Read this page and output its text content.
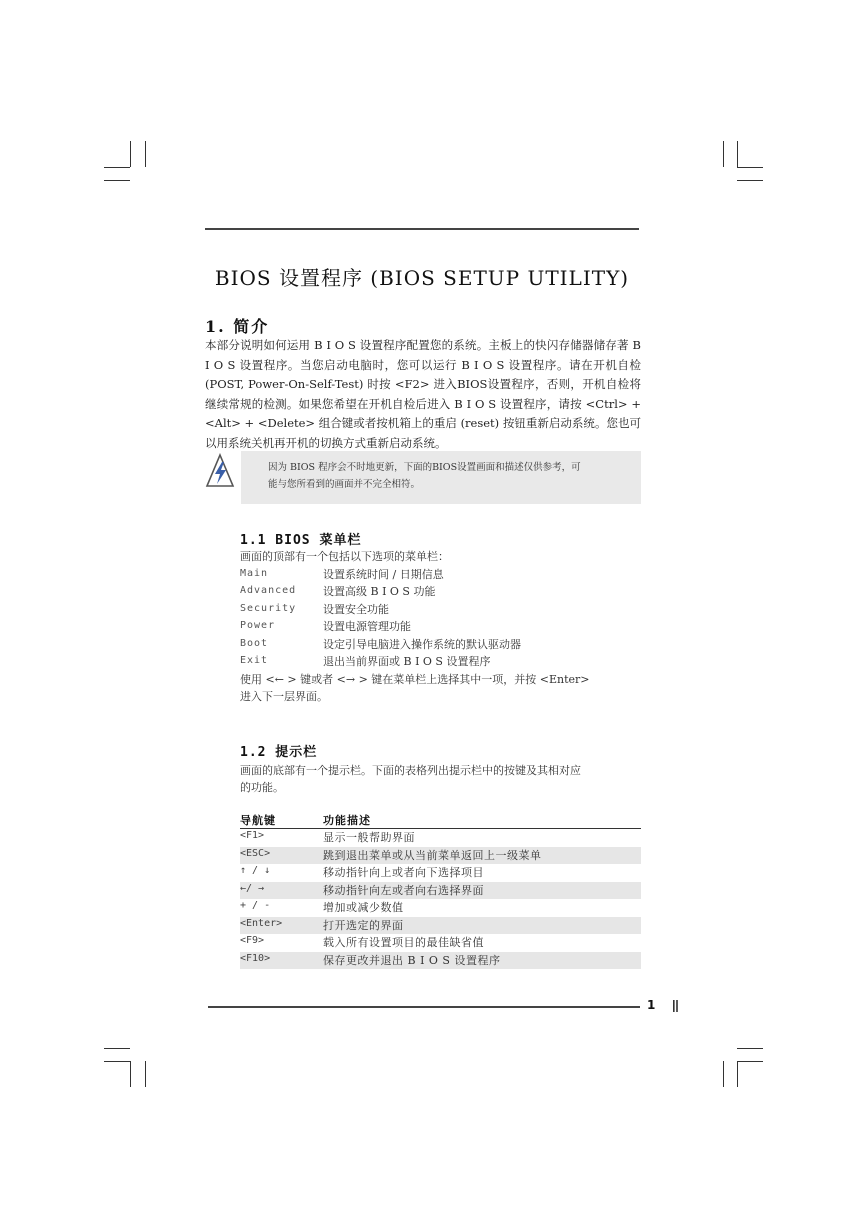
BIOS 设置程序 (BIOS SETUP UTILITY)
1. 简介
本部分说明如何运用 B I O S 设置程序配置您的系统。主板上的快闪存储器储存著 B I O S 设置程序。当您启动电脑时，您可以运行 B I O S 设置程序。请在开机自检 (POST, Power-On-Self-Test) 时按 <F2> 进入BIOS设置程序，否则，开机自检将继续常规的检测。如果您希望在开机自检后进入 B I O S 设置程序，请按 <Ctrl> + <Alt> + <Delete> 组合键或者按机箱上的重启 (reset) 按钮重新启动系统。您也可以用系统关机再开机的切换方式重新启动系统。
因为 BIOS 程序会不时地更新，下面的BIOS设置画面和描述仅供参考，可
能与您所看到的画面并不完全相符。
1.1 BIOS 菜单栏
画面的顶部有一个包括以下选项的菜单栏：
Main	设置系统时间 / 日期信息
Advanced 设置高级 B I O S 功能
Security 设置安全功能
Power	设置电源管理功能
Boot	设定引导电脑进入操作系统的默认驱动器
Exit	退出当前界面或 B I O S 设置程序
使用 <← > 键或者 <→ > 键在菜单栏上选择其中一项，并按 <Enter>
进入下一层界面。
1.2 提示栏
画面的底部有一个提示栏。下面的表格列出提示栏中的按键及其相对应
的功能。
导航键	功能描述
<F1>	显示一般帮助界面
<ESC>	跳到退出菜单或从当前菜单返回上一级菜单
↑ / ↓	移动指针向上或者向下选择项目
←/ →	移动指针向左或者向右选择界面
+ / -	增加或减少数值
<Enter>	打开选定的界面
<F9>	载入所有设置项目的最佳缺省值
<F10>	保存更改并退出 B I O S 设置程序
1
